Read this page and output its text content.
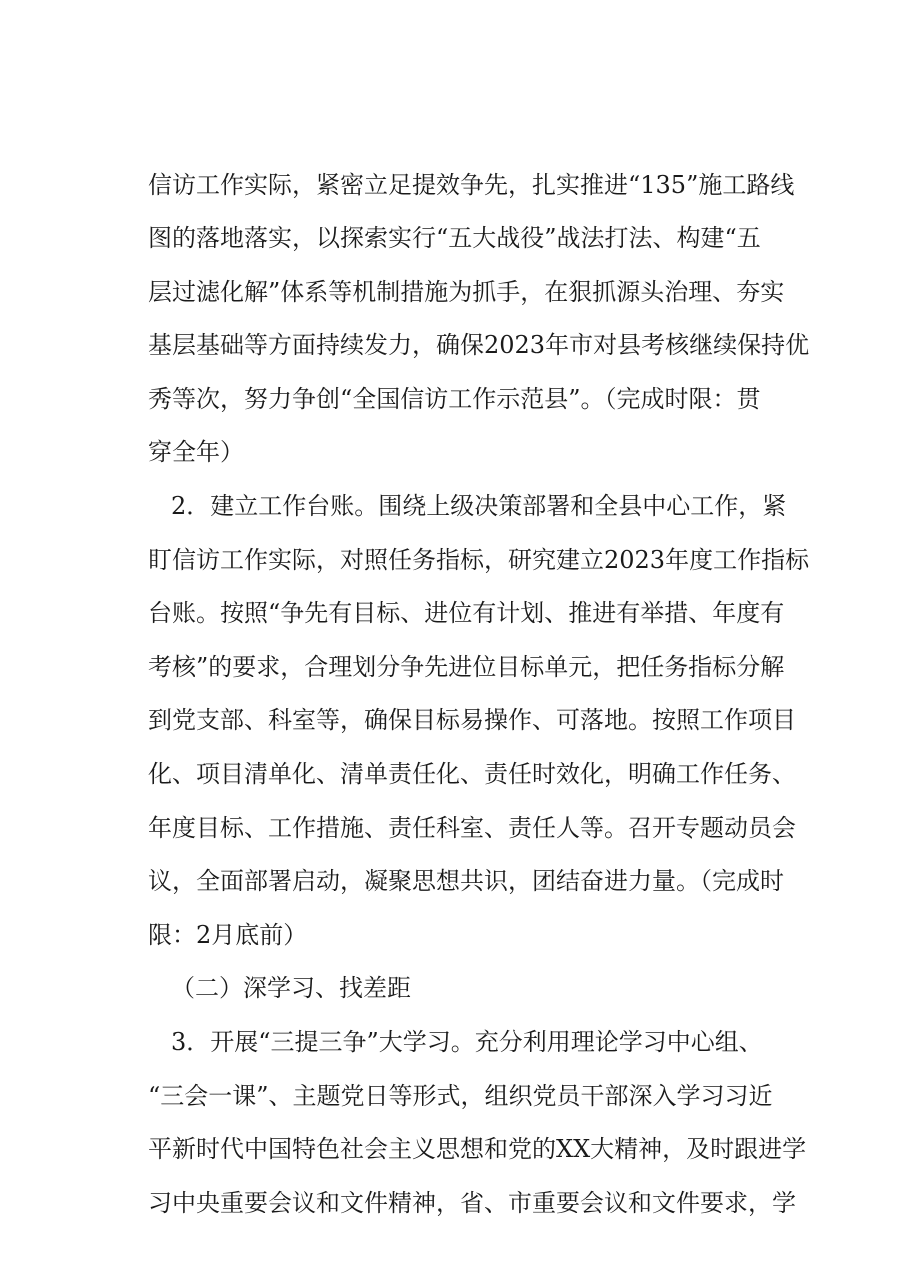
信访工作实际，紧密立足提效争先，扎实推进“135”施工路线
图的落地落实，以探索实行“五大战役”战法打法、构建“五
层过滤化解”体系等机制措施为抓手，在狠抓源头治理、夯实
基层基础等方面持续发力，确保2023年市对县考核继续保持优
秀等次，努力争创“全国信访工作示范县”。（完成时限：贯
穿全年）
2．建立工作台账。围绕上级决策部署和全县中心工作，紧
盯信访工作实际，对照任务指标，研究建立2023年度工作指标
台账。按照“争先有目标、进位有计划、推进有举措、年度有
考核”的要求，合理划分争先进位目标单元，把任务指标分解
到党支部、科室等，确保目标易操作、可落地。按照工作项目
化、项目清单化、清单责任化、责任时效化，明确工作任务、
年度目标、工作措施、责任科室、责任人等。召开专题动员会
议，全面部署启动，凝聚思想共识，团结奋进力量。（完成时
限：2月底前）
（二）深学习、找差距
3．开展“三提三争”大学习。充分利用理论学习中心组、
“三会一课”、主题党日等形式，组织党员干部深入学习习近
平新时代中国特色社会主义思想和党的XX大精神，及时跟进学
习中央重要会议和文件精神，省、市重要会议和文件要求，学
